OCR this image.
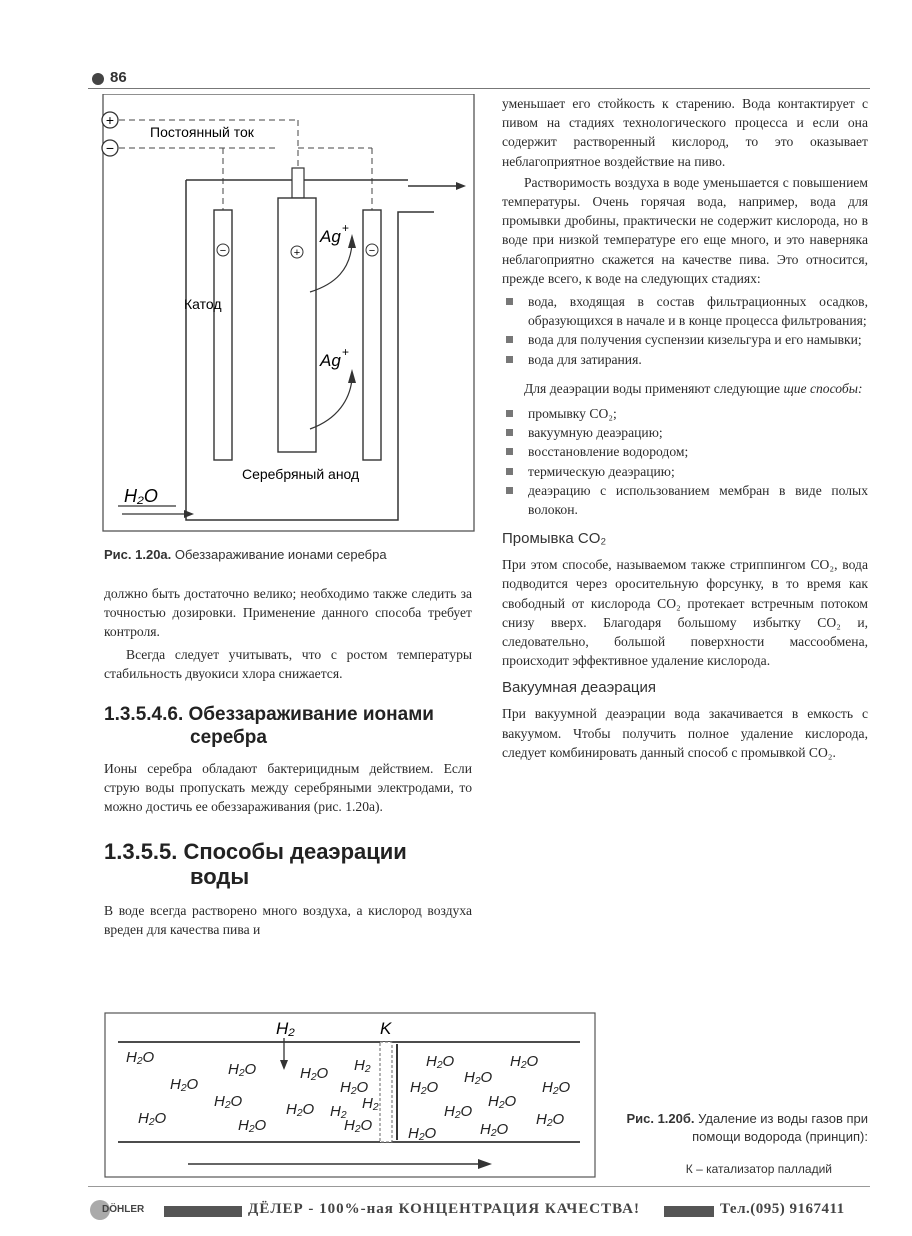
86
+
−
Постоянный ток
+
−	−
Катод
Ag +
Ag +
Серебряный анод
H₂O
Рис. 1.20а. Обеззараживание ионами серебра

должно быть достаточно велико; необходимо также следить за точностью дозировки. Применение данного способа требует контроля.

Всегда следует учитывать, что с ростом температуры стабильность двуокиси хлора снижается.

1.3.5.4.6. Обеззараживание ионами

серебра

Ионы серебра обладают бактерицидным действием. Если струю воды пропускать между серебряными электродами, то можно достичь ее обеззараживания (рис. 1.20а).

1.3.5.5. Способы деаэрации

воды

В воде всегда растворено много воздуха, а кислород воздуха вреден для качества пива и

уменьшает его стойкость к старению. Вода контактирует с пивом на стадиях технологического процесса и если она содержит растворенный кислород, то это оказывает неблагоприятное воздействие на пиво.

Растворимость воздуха в воде уменьшается с повышением температуры. Очень горячая вода, например, вода для промывки дробины, практически не содержит кислорода, но в воде при низкой температуре его еще много, и это наверняка неблагоприятно скажется на качестве пива. Это относится, прежде всего, к воде на следующих стадиях:

вода, входящая в состав фильтрационных осадков, образующихся в начале и в конце процесса фильтрования;

вода для получения суспензии кизельгура и его намывки;

вода для затирания.

Для деаэрации воды применяют следующие щие способы:

промывку CO₂;

вакуумную деаэрацию;

восстановление водородом;

термическую деаэрацию;

деаэрацию с использованием мембран в виде полых волокон.

Промывка CO₂

При этом способе, называемом также стриппингом CO₂, вода подводится через оросительную форсунку, в то время как свободный от кислорода CO₂ протекает встречным потоком снизу вверх. Благодаря большому избытку CO₂ и, следовательно, большой поверхности массообмена, происходит эффективное удаление кислорода.

Вакуумная деаэрация

При вакуумной деаэрации вода закачивается в емкость с вакуумом. Чтобы получить полное удаление кислорода, следует комбинировать данный способ с промывкой CO₂.

H₂	K
H₂O
H₂O
H₂O
H₂O
H₂O
H₂O
H₂O
H₂O
H₂O
H₂O
H₂O
H₂O
H₂O
H₂O
H₂O
H₂O
H₂O
H₂O
H₂O
H₂O
H₂
H₂ H₂
Рис. 1.20б. Удаление из воды газов при помощи водорода (принцип):
К – катализатор палладий
DÖHLER	ДЁЛЕР - 100%-ная КОНЦЕНТРАЦИЯ КАЧЕСТВА!	Тел.(095) 9167411
